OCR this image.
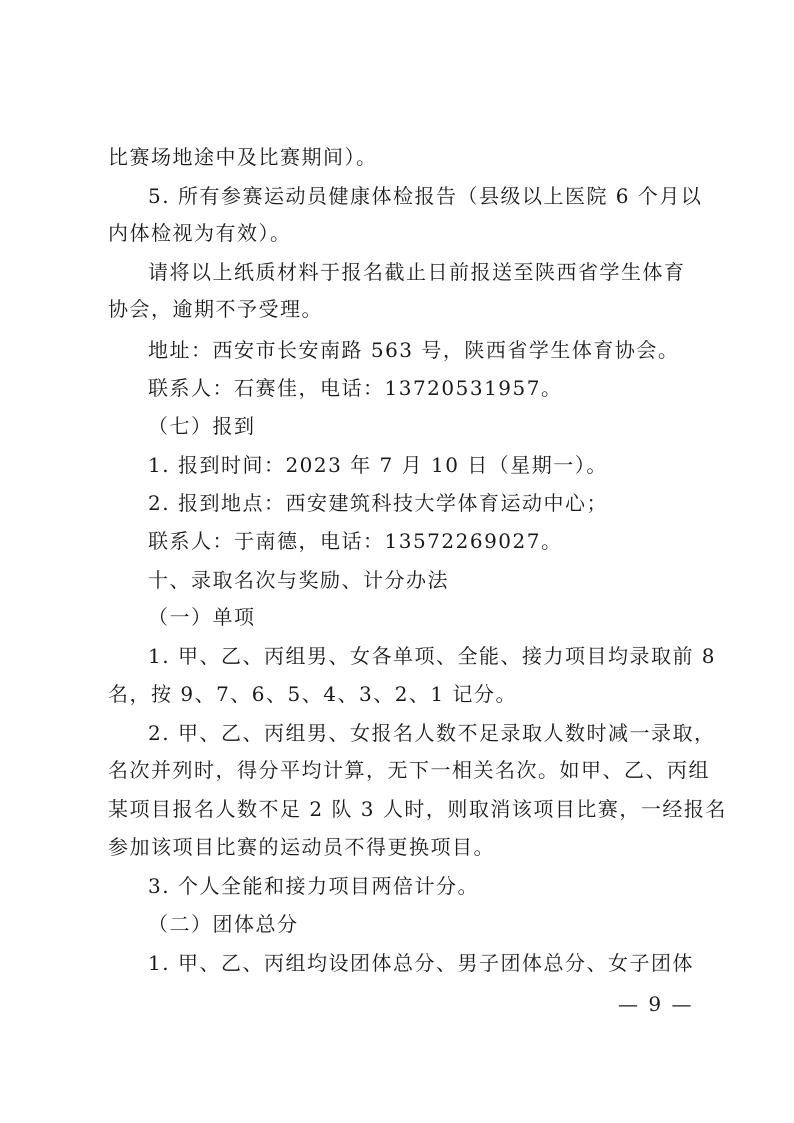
比赛场地途中及比赛期间）。
5. 所有参赛运动员健康体检报告（县级以上医院 6 个月以
内体检视为有效）。
请将以上纸质材料于报名截止日前报送至陕西省学生体育
协会，逾期不予受理。
地址：西安市长安南路 563 号，陕西省学生体育协会。
联系人：石赛佳，电话：13720531957。
（七）报到
1. 报到时间：2023 年 7 月 10 日（星期一）。
2. 报到地点：西安建筑科技大学体育运动中心；
联系人：于南德，电话：13572269027。
十、录取名次与奖励、计分办法
（一）单项
1. 甲、乙、丙组男、女各单项、全能、接力项目均录取前 8
名，按 9、7、6、5、4、3、2、1 记分。
2. 甲、乙、丙组男、女报名人数不足录取人数时减一录取，
名次并列时，得分平均计算，无下一相关名次。如甲、乙、丙组
某项目报名人数不足 2 队 3 人时，则取消该项目比赛，一经报名
参加该项目比赛的运动员不得更换项目。
3. 个人全能和接力项目两倍计分。
（二）团体总分
1. 甲、乙、丙组均设团体总分、男子团体总分、女子团体
— 9 —
